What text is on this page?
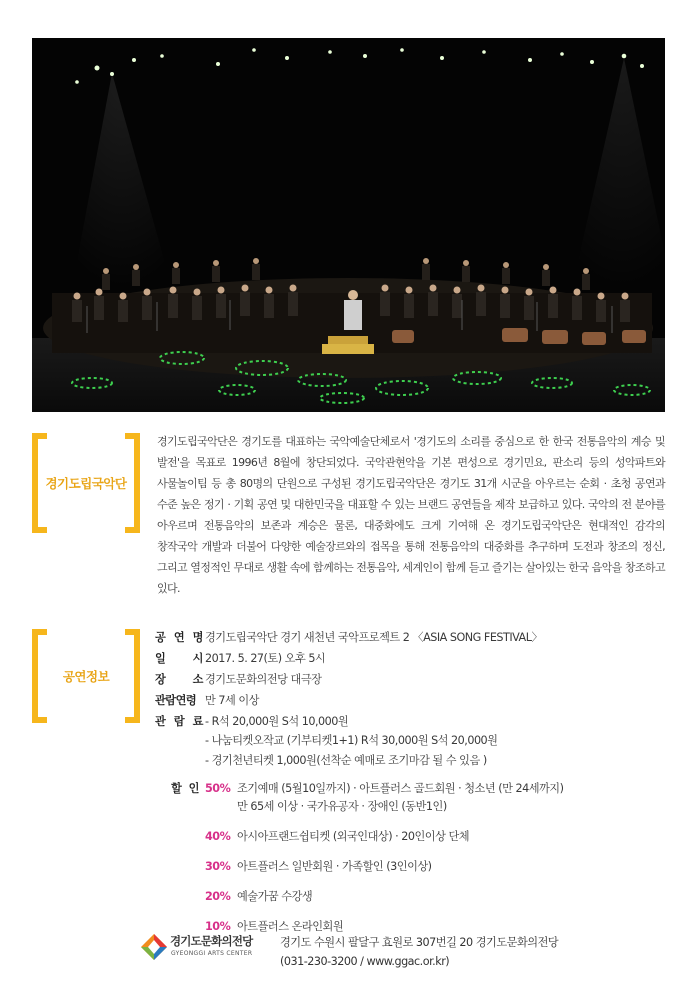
경기도립국악단

경기도립국악단은 경기도를 대표하는 국악예술단체로서 '경기도의 소리를 중심으로 한 한국 전통음악의 계승 및 발전'을 목표로 1996년 8월에 창단되었다. 국악관현악을 기본 편성으로 경기민요, 판소리 등의 성악파트와 사물놀이팀 등 총 80명의 단원으로 구성된 경기도립국악단은 경기도 31개 시군을 아우르는 순회 · 초청 공연과 수준 높은 정기 · 기획 공연 및 대한민국을 대표할 수 있는 브랜드 공연들을 제작 보급하고 있다. 국악의 전 분야를 아우르며 전통음악의 보존과 계승은 물론, 대중화에도 크게 기여해 온 경기도립국악단은 현대적인 감각의 창작국악 개발과 더불어 다양한 예술장르와의 접목을 통해 전통음악의 대중화를 추구하며 도전과 창조의 정신, 그리고 열정적인 무대로 생활 속에 함께하는 전통음악, 세계인이 함께 듣고 즐기는 살아있는 한국 음악을 창조하고 있다.

공연정보
공 연 명 경기도립국악단 경기 새천년 국악프로젝트 2 〈ASIA SONG FESTIVAL〉
일 시 2017. 5. 27(토) 오후 5시
장 소 경기도문화의전당 대극장
관람연령 만 7세 이상
관 람 료 - R석 20,000원 S석 10,000원
- 나눔티켓오작교 (기부티켓1+1) R석 30,000원 S석 20,000원
- 경기천년티켓 1,000원(선착순 예매로 조기마감 될 수 있음 )
할 인 50% 조기예매 (5월10일까지) · 아트플러스 골드회원 · 청소년 (만 24세까지)
만 65세 이상 · 국가유공자 · 장애인 (동반1인)
40% 아시아프랜드쉽티켓 (외국인대상) · 20인이상 단체
30% 아트플러스 일반회원 · 가족할인 (3인이상)
20% 예술가꿈 수강생
10% 아트플러스 온라인회원
경기도문화의전당
GYEONGGI ARTS CENTER
경기도 수원시 팔달구 효원로 307번길 20 경기도문화의전당
(031-230-3200 / www.ggac.or.kr)
